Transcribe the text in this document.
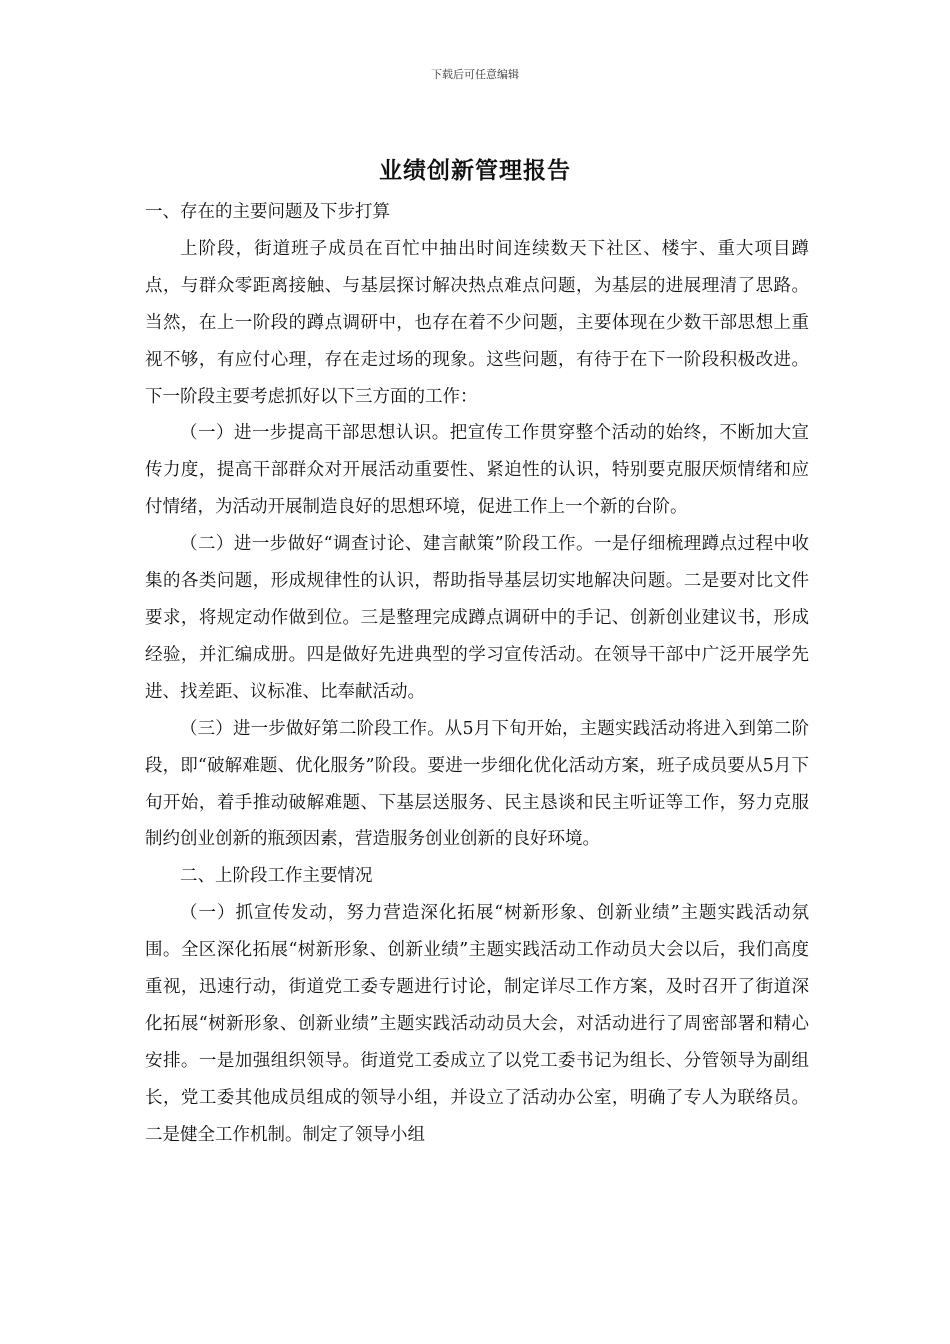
下载后可任意编辑
业绩创新管理报告

一、存在的主要问题及下步打算

上阶段，街道班子成员在百忙中抽出时间连续数天下社区、楼宇、重大项目蹲点，与群众零距离接触、与基层探讨解决热点难点问题，为基层的进展理清了思路。当然，在上一阶段的蹲点调研中，也存在着不少问题，主要体现在少数干部思想上重视不够，有应付心理，存在走过场的现象。这些问题，有待于在下一阶段积极改进。下一阶段主要考虑抓好以下三方面的工作：

（一）进一步提高干部思想认识。把宣传工作贯穿整个活动的始终，不断加大宣传力度，提高干部群众对开展活动重要性、紧迫性的认识，特别要克服厌烦情绪和应付情绪，为活动开展制造良好的思想环境，促进工作上一个新的台阶。

（二）进一步做好“调查讨论、建言献策”阶段工作。一是仔细梳理蹲点过程中收集的各类问题，形成规律性的认识，帮助指导基层切实地解决问题。二是要对比文件要求，将规定动作做到位。三是整理完成蹲点调研中的手记、创新创业建议书，形成经验，并汇编成册。四是做好先进典型的学习宣传活动。在领导干部中广泛开展学先进、找差距、议标准、比奉献活动。

（三）进一步做好第二阶段工作。从5月下旬开始，主题实践活动将进入到第二阶段，即“破解难题、优化服务”阶段。要进一步细化优化活动方案，班子成员要从5月下旬开始，着手推动破解难题、下基层送服务、民主恳谈和民主听证等工作，努力克服制约创业创新的瓶颈因素，营造服务创业创新的良好环境。

二、上阶段工作主要情况

（一）抓宣传发动，努力营造深化拓展“树新形象、创新业绩”主题实践活动氛围。全区深化拓展“树新形象、创新业绩”主题实践活动工作动员大会以后，我们高度重视，迅速行动，街道党工委专题进行讨论，制定详尽工作方案，及时召开了街道深化拓展“树新形象、创新业绩”主题实践活动动员大会，对活动进行了周密部署和精心安排。一是加强组织领导。街道党工委成立了以党工委书记为组长、分管领导为副组长，党工委其他成员组成的领导小组，并设立了活动办公室，明确了专人为联络员。二是健全工作机制。制定了领导小组
